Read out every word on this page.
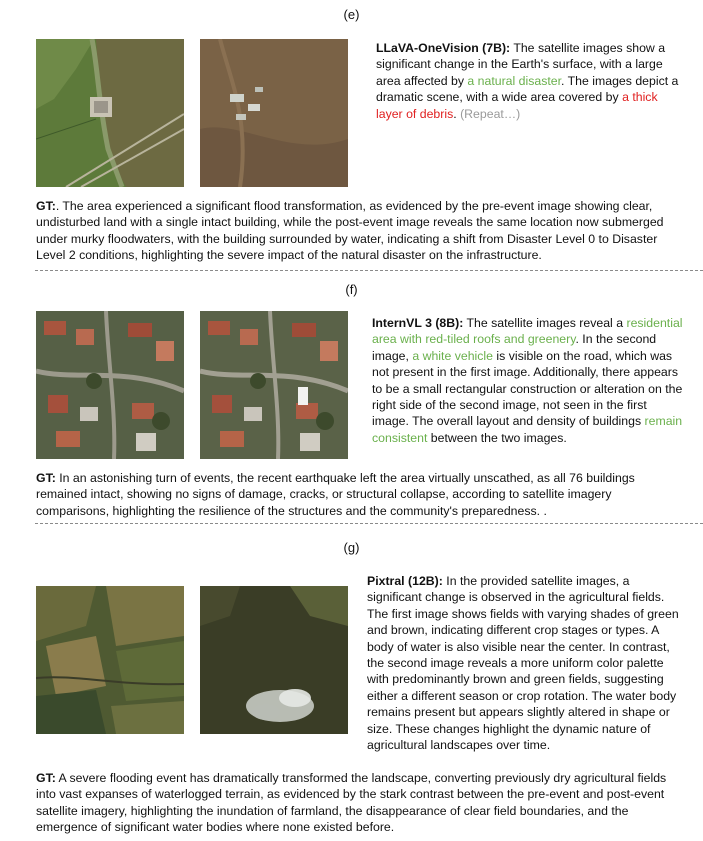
(e)
LLaVA-OneVision (7B): The satellite images show a significant change in the Earth's surface, with a large area affected by a natural disaster. The images depict a dramatic scene, with a wide area covered by a thick layer of debris. (Repeat…)
GT:. The area experienced a significant flood transformation, as evidenced by the pre-event image showing clear, undisturbed land with a single intact building, while the post-event image reveals the same location now submerged under murky floodwaters, with the building surrounded by water, indicating a shift from Disaster Level 0 to Disaster Level 2 conditions, highlighting the severe impact of the natural disaster on the infrastructure.
(f)
InternVL 3 (8B): The satellite images reveal a residential area with red-tiled roofs and greenery. In the second image, a white vehicle is visible on the road, which was not present in the first image. Additionally, there appears to be a small rectangular construction or alteration on the right side of the second image, not seen in the first image. The overall layout and density of buildings remain consistent between the two images.
GT: In an astonishing turn of events, the recent earthquake left the area virtually unscathed, as all 76 buildings remained intact, showing no signs of damage, cracks, or structural collapse, according to satellite imagery comparisons, highlighting the resilience of the structures and the community's preparedness. .
(g)
Pixtral (12B): In the provided satellite images, a significant change is observed in the agricultural fields. The first image shows fields with varying shades of green and brown, indicating different crop stages or types. A body of water is also visible near the center. In contrast, the second image reveals a more uniform color palette with predominantly brown and green fields, suggesting either a different season or crop rotation. The water body remains present but appears slightly altered in shape or size. These changes highlight the dynamic nature of agricultural landscapes over time.
GT: A severe flooding event has dramatically transformed the landscape, converting previously dry agricultural fields into vast expanses of waterlogged terrain, as evidenced by the stark contrast between the pre-event and post-event satellite imagery, highlighting the inundation of farmland, the disappearance of clear field boundaries, and the emergence of significant water bodies where none existed before.
